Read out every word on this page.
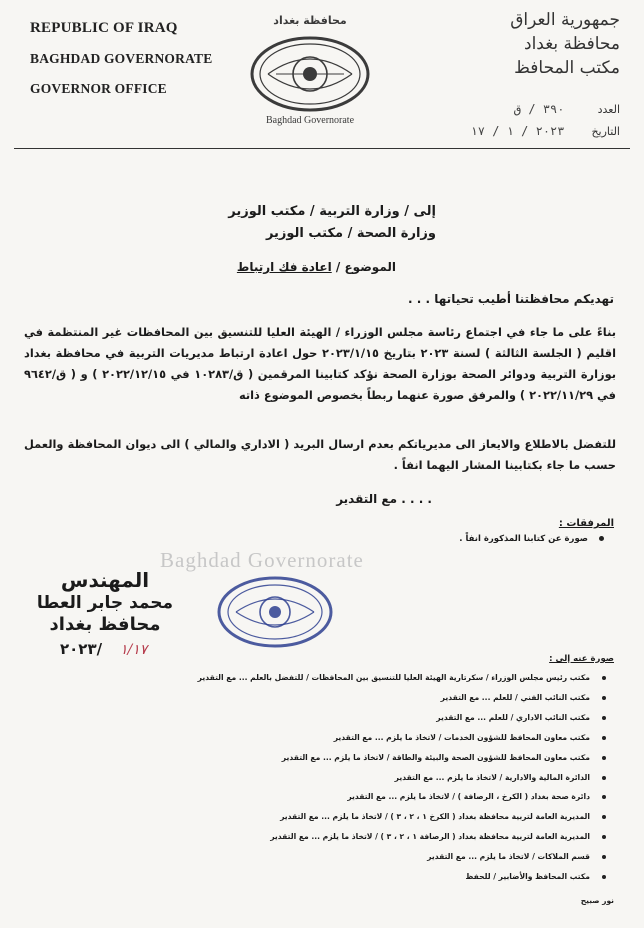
REPUBLIC OF IRAQ
BAGHDAD GOVERNORATE
GOVERNOR OFFICE
محافظة بغداد
Baghdad Governorate
جمهورية العراق
محافظة بغداد
مكتب المحافظ
العدد ٣٩٠ / ق
التاريخ ٢٠٢٣ / ١ / ١٧
إلى / وزارة التربية / مكتب الوزير
وزارة الصحة / مكتب الوزير
الموضوع / اعادة فك ارتباط
تهديكم محافظتنا أطيب تحياتها . . .
بناءً على ما جاء في اجتماع رئاسة مجلس الوزراء / الهيئة العليا للتنسيق بين المحافظات غير المنتظمة في اقليم ( الجلسة الثالثة ) لسنة ٢٠٢٣ بتاريخ ٢٠٢٣/١/١٥ حول اعادة ارتباط مديريات التربية في محافظة بغداد بوزارة التربية ودوائر الصحة بوزارة الصحة نؤكد كتابينا المرقمين ( ق/١٠٢٨٣ في ٢٠٢٢/١٢/١٥ ) و ( ق/٩٦٤٢ في ٢٠٢٢/١١/٢٩ ) والمرفق صورة عنهما ربطاً بخصوص الموضوع ذاته
للتفضل بالاطلاع والايعاز الى مديرياتكم بعدم ارسال البريد ( الاداري والمالي ) الى ديوان المحافظة والعمل حسب ما جاء بكتابينا المشار اليهما انفاً .
. . . . مع التقدير
المرفقات :
صورة عن كتابنا المذكورة انفاً .
Baghdad Governorate
المهندس
محمد جابر العطا
محافظ بغداد
٢٠٢٣/ ١/١٧
صورة عنه إلى :
مكتب رئيس مجلس الوزراء / سكرتارية الهيئة العليا للتنسيق بين المحافظات / للتفضل بالعلم ... مع التقدير
مكتب النائب الفني / للعلم ... مع التقدير
مكتب النائب الاداري / للعلم ... مع التقدير
مكتب معاون المحافظ للشؤون الخدمات / لاتخاذ ما يلزم ... مع التقدير
مكتب معاون المحافظ للشؤون الصحة والبيئة والطاقة / لاتخاذ ما يلزم ... مع التقدير
الدائرة المالية والادارية / لاتخاذ ما يلزم ... مع التقدير
دائرة صحة بغداد ( الكرخ ، الرصافة ) / لاتخاذ ما يلزم ... مع التقدير
المديرية العامة لتربية محافظة بغداد ( الكرخ ١ ، ٢ ، ٣ ) / لاتخاذ ما يلزم ... مع التقدير
المديرية العامة لتربية محافظة بغداد ( الرصافة ١ ، ٢ ، ٣ ) / لاتخاذ ما يلزم ... مع التقدير
قسم الملاكات / لاتخاذ ما يلزم ... مع التقدير
مكتب المحافظ والأضابير / للحفظ
نور صبيح
